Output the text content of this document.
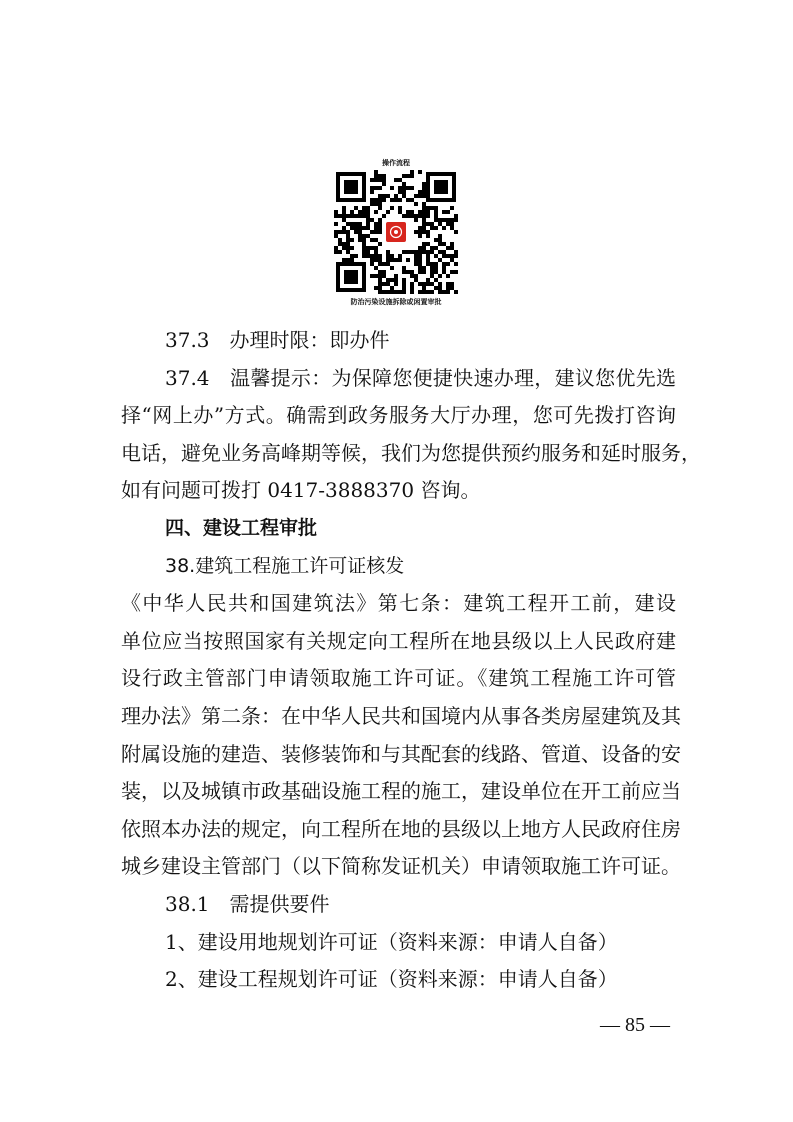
操作流程
防治污染设施拆除或闲置审批
37.3　办理时限：即办件
37.4　温馨提示：为保障您便捷快速办理，建议您优先选
择“网上办”方式。确需到政务服务大厅办理，您可先拨打咨询
电话，避免业务高峰期等候，我们为您提供预约服务和延时服务，
如有问题可拨打 0417-3888370 咨询。
四、建设工程审批
38.建筑工程施工许可证核发
《中华人民共和国建筑法》第七条：建筑工程开工前，建设
单位应当按照国家有关规定向工程所在地县级以上人民政府建
设行政主管部门申请领取施工许可证。《建筑工程施工许可管
理办法》第二条：在中华人民共和国境内从事各类房屋建筑及其
附属设施的建造、装修装饰和与其配套的线路、管道、设备的安
装，以及城镇市政基础设施工程的施工，建设单位在开工前应当
依照本办法的规定，向工程所在地的县级以上地方人民政府住房
城乡建设主管部门（以下简称发证机关）申请领取施工许可证。
38.1　需提供要件
1、建设用地规划许可证（资料来源：申请人自备）
2、建设工程规划许可证（资料来源：申请人自备）
— 85 —
